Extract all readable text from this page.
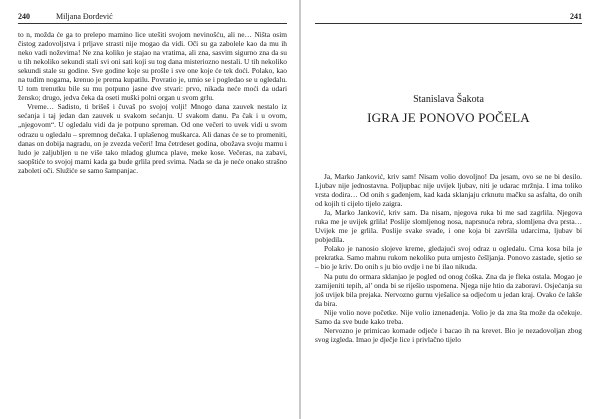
240	Miljana Đorđević

to n, možda će ga to prelepo mamino lice utešiti svojom nevinošću, ali ne… Ništa osim čistog zadovoljstva i prljave strasti nije mogao da vidi. Oči su ga zabolele kao da mu ih neko vadi noževima! Ne zna koliko je stajao na vratima, ali zna, sasvim sigurno zna da su u tih nekoliko sekundi stali svi oni sati koji su tog dana misteriozno nestali. U tih nekoliko sekundi stale su godine. Sve godine koje su prošle i sve one koje će tek doći. Polako, kao na tuđim nogama, krenuo je prema kupatilu. Povratio je, umio se i pogledao se u ogledalu. U tom trenutku bile su mu potpuno jasne dve stvari: prvo, nikada neće moći da udari žensko; drugo, jedva čeka da oseti muški polni organ u svom grlu.

Vreme… Sadisto, ti brišeš i čuvaš po svojoj volji! Mnogo dana zauvek nestalo iz sećanja i taj jedan dan zauvek u svakom sećanju. U svakom danu. Pa čak i u ovom, „njegovom“. U ogledalu vidi da je potpuno spreman. Od one večeri to uvek vidi u svom odrazu u ogledalu – spremnog dečaka. I uplašenog muškarca. Ali danas će se to promeniti, danas on dobija nagradu, on je zvezda večeri! Ima četrdeset godina, obožava svoju mamu i ludo je zaljubljen u ne više tako mladog glumca plave, meke kose. Večeras, na zabavi, saopštiće to svojoj mami kada ga bude grlila pred svima. Nada se da je neće onako strašno zaboleti oči. Služiće se samo šampanjac.

241
Stanislava Šakota
IGRA JE PONOVO POČELA

Ja, Marko Janković, kriv sam! Nisam volio dovoljno! Da jesam, ovo se ne bi desilo. Ljubav nije jednostavna. Poljupbac nije uvijek ljubav, niti je udarac mržnja. I ima toliko vrsta dodira… Od onih s gađenjem, kad kada sklanjaju crknutu mačku sa asfalta, do onih od kojih ti cijelo tijelo zaigra.

Ja, Marko Janković, kriv sam. Da nisam, njegova ruka bi me sad zagrlila. Njegova ruka me je uvijek grlila! Poslije slomljenog nosa, naprsnuća rebra, slomljena dva prsta… Uvijek me je grlila. Poslije svake svađe, i one koja bi završila udarcima, ljubav bi pobjedila.

Polako je nanosio slojeve kreme, gledajući svoj odraz u ogledalu. Crna kosa bila je prekratka. Samo mahnu rukom nekoliko puta umjesto češljanja. Ponovo zastade, sjetio se – bio je kriv. Do onih s ju bio ovdje i ne bi ilao nikuda.

Na putu do ormara sklanjao je pogled od onog ćoška. Zna da je fleka ostala. Mogao je zamijeniti tepih, al’ onda bi se riješio uspomena. Njega nije htio da zaboravi. Osjećanja su još uvijek bila prejaka. Nervozno gurnu vješalice sa odjećom u jedan kraj. Ovako će lakše da bira.

Nije volio nove početke. Nije volio iznenađenja. Volio je da zna šta može da očekuje. Samo da sve bude kako treba.

Nervozno je primicao komade odjeće i bacao ih na krevet. Bio je nezadovoljan zbog svog izgleda. Imao je dječje lice i privlačno tijelo
